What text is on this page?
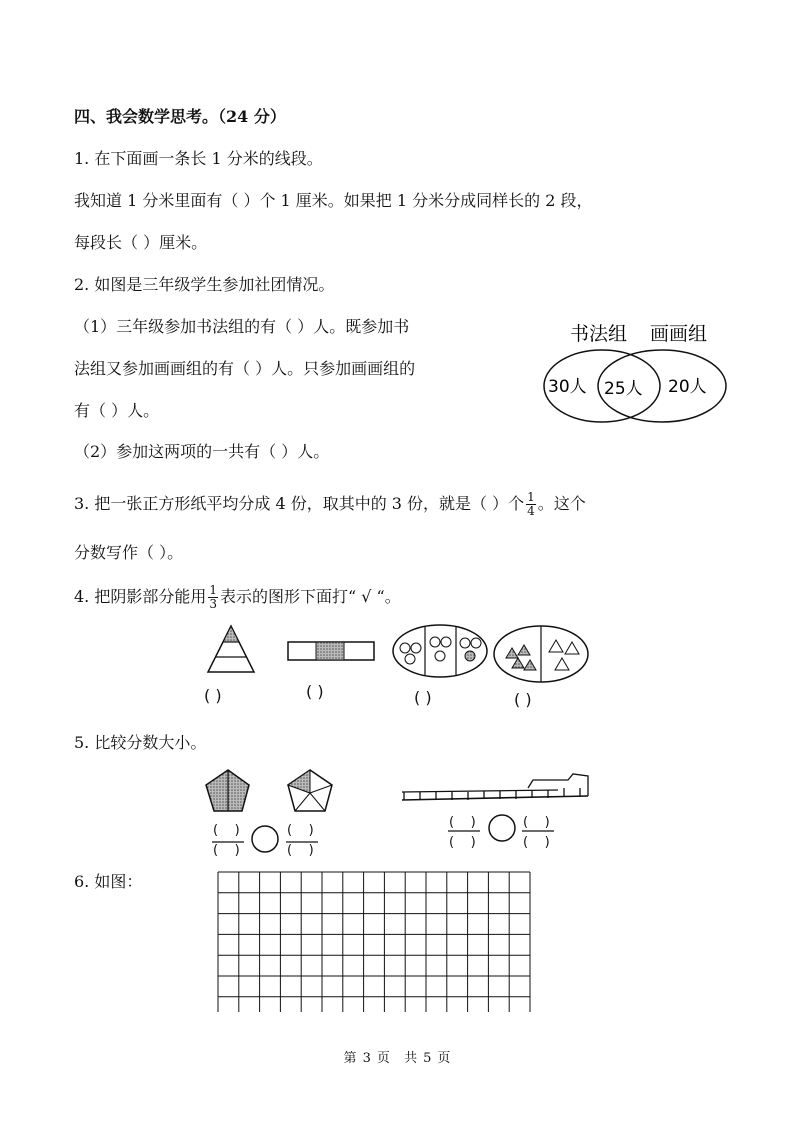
四、我会数学思考。（24 分）
1. 在下面画一条长 1 分米的线段。
我知道 1 分米里面有（ ）个 1 厘米。如果把 1 分米分成同样长的 2 段，
每段长（ ）厘米。
2. 如图是三年级学生参加社团情况。
（1）三年级参加书法组的有（ ）人。既参加书
法组又参加画画组的有（ ）人。只参加画画组的
有（ ）人。
（2）参加这两项的一共有（ ）人。
书法组 画画组
30人 25人 20人
3. 把一张正方形纸平均分成 4 份，取其中的 3 份，就是（ ）个 $\frac{1}{4}$ 。这个
分数写作（ ）。
4. 把阴影部分能用 $\frac{1}{3}$ 表示的图形下面打“ √ “。
( )	( )	( )	( )
5. 比较分数大小。
( )
( )
( )
( )
( )
( )
( )
( )
6. 如图：
第 3 页 共 5 页
